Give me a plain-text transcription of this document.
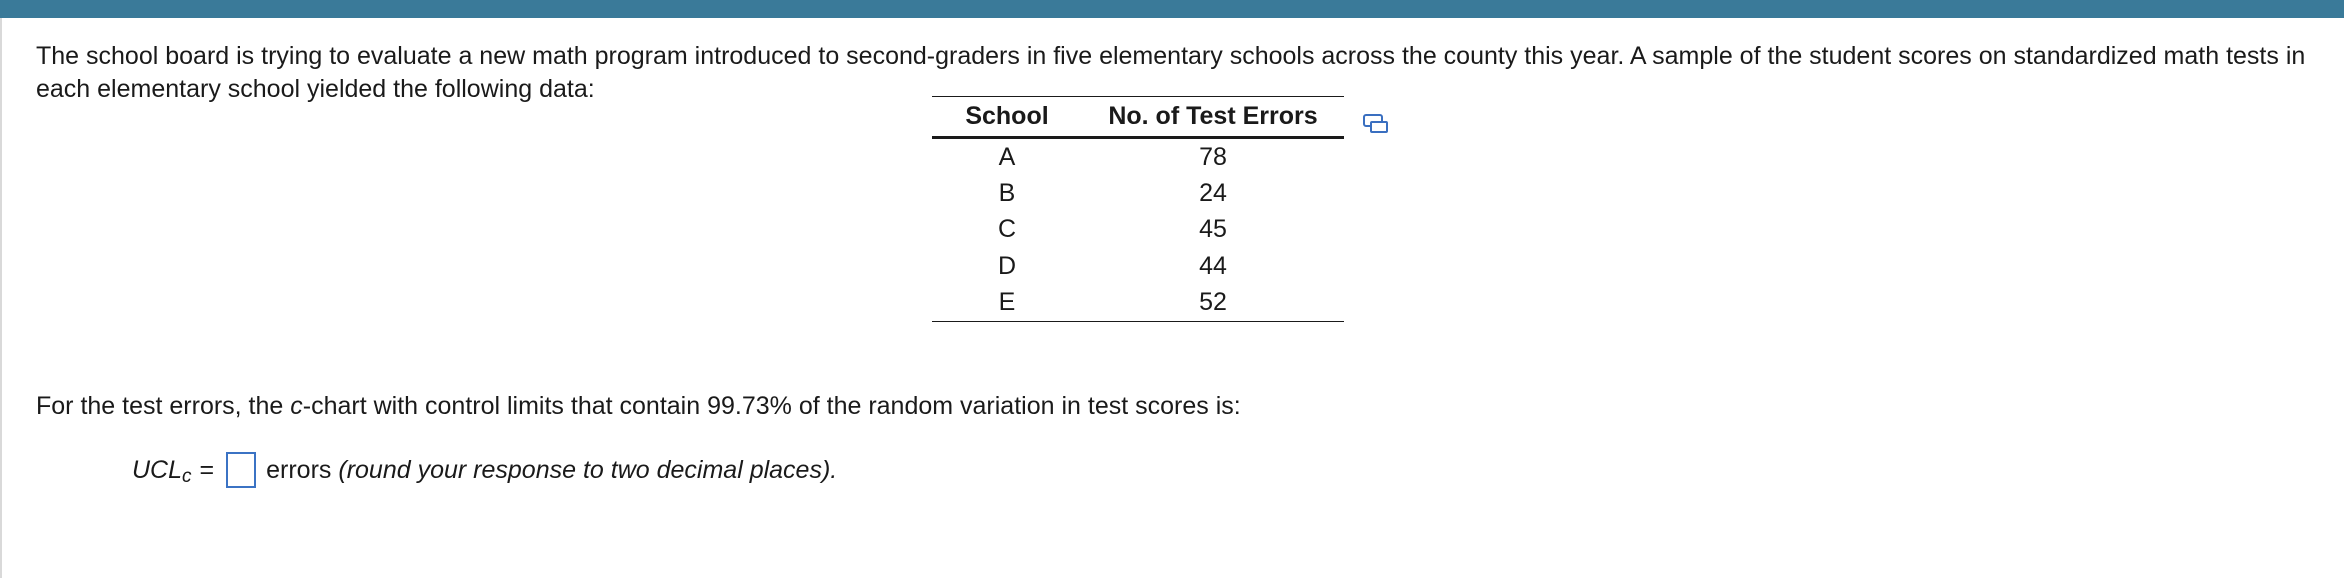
The school board is trying to evaluate a new math program introduced to second-graders in five elementary schools across the county this year. A sample of the student scores on standardized math tests in each elementary school yielded the following data:

School	No. of Test Errors
A	78
B	24
C	45
D	44
E	52

For the test errors, the c-chart with control limits that contain 99.73% of the random variation in test scores is:

$UCL_c$ = errors
(round your response to two decimal places).
